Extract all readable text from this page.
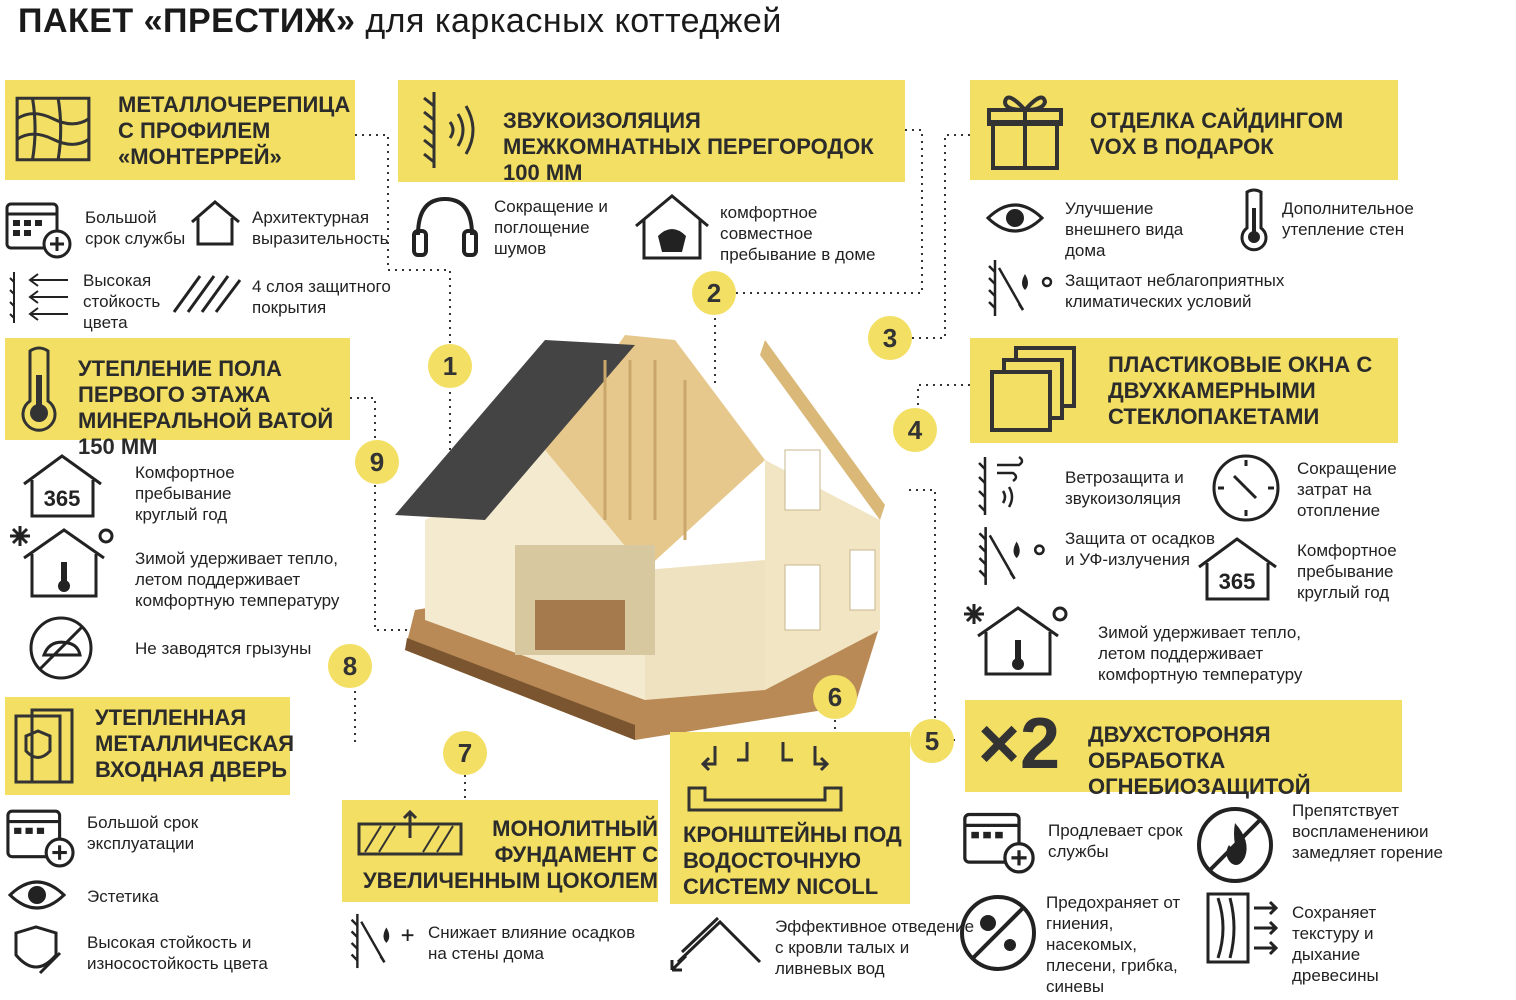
ПАКЕТ «ПРЕСТИЖ» для каркасных коттеджей
МЕТАЛЛОЧЕРЕПИЦА С ПРОФИЛЕМ «МОНТЕРРЕЙ»
Большой срок службы
Архитектурная выразительность
Высокая стойкость цвета
4 слоя защитного покрытия
УТЕПЛЕНИЕ ПОЛА ПЕРВОГО ЭТАЖА МИНЕРАЛЬНОЙ ВАТОЙ 150 ММ
365
Комфортное пребывание круглый год
Зимой удерживает тепло, летом поддерживает комфортную температуру
Не заводятся грызуны
УТЕПЛЕННАЯ МЕТАЛЛИЧЕСКАЯ ВХОДНАЯ ДВЕРЬ
Большой срок эксплуатации
Эстетика
Высокая стойкость и износостойкость цвета
ЗВУКОИЗОЛЯЦИЯ МЕЖКОМНАТНЫХ ПЕРЕГОРОДОК 100 ММ
Сокращение и поглощение шумов
комфортное совместное пребывание в доме
ОТДЕЛКА САЙДИНГОМ VOX В ПОДАРОК
Улучшение внешнего вида дома
Дополнительное утепление стен
Защитаот неблагоприятных климатических условий
ПЛАСТИКОВЫЕ ОКНА С ДВУХКАМЕРНЫМИ СТЕКЛОПАКЕТАМИ
Ветрозащита и звукоизоляция
Сокращение затрат на отопление
Защита от осадков и УФ-излучения
365
Комфортное пребывание круглый год
Зимой удерживает тепло, летом поддерживает комфортную температуру
×2 ДВУХСТОРОНЯЯ ОБРАБОТКА ОГНЕБИОЗАЩИТОЙ
Продлевает срок службы
Препятствует воспламенениюи замедляет горение
Предохраняет от гниения, насекомых, плесени, грибка, синевы
Сохраняет текстуру и дыхание древесины
КРОНШТЕЙНЫ ПОД ВОДОСТОЧНУЮ СИСТЕМУ NICOLL
Эффективное отведение с кровли талых и ливневых вод
МОНОЛИТНЫЙ ФУНДАМЕНТ С УВЕЛИЧЕННЫМ ЦОКОЛЕМ
Снижает влияние осадков на стены дома
1
2
3
4
5
6
7
8
9
